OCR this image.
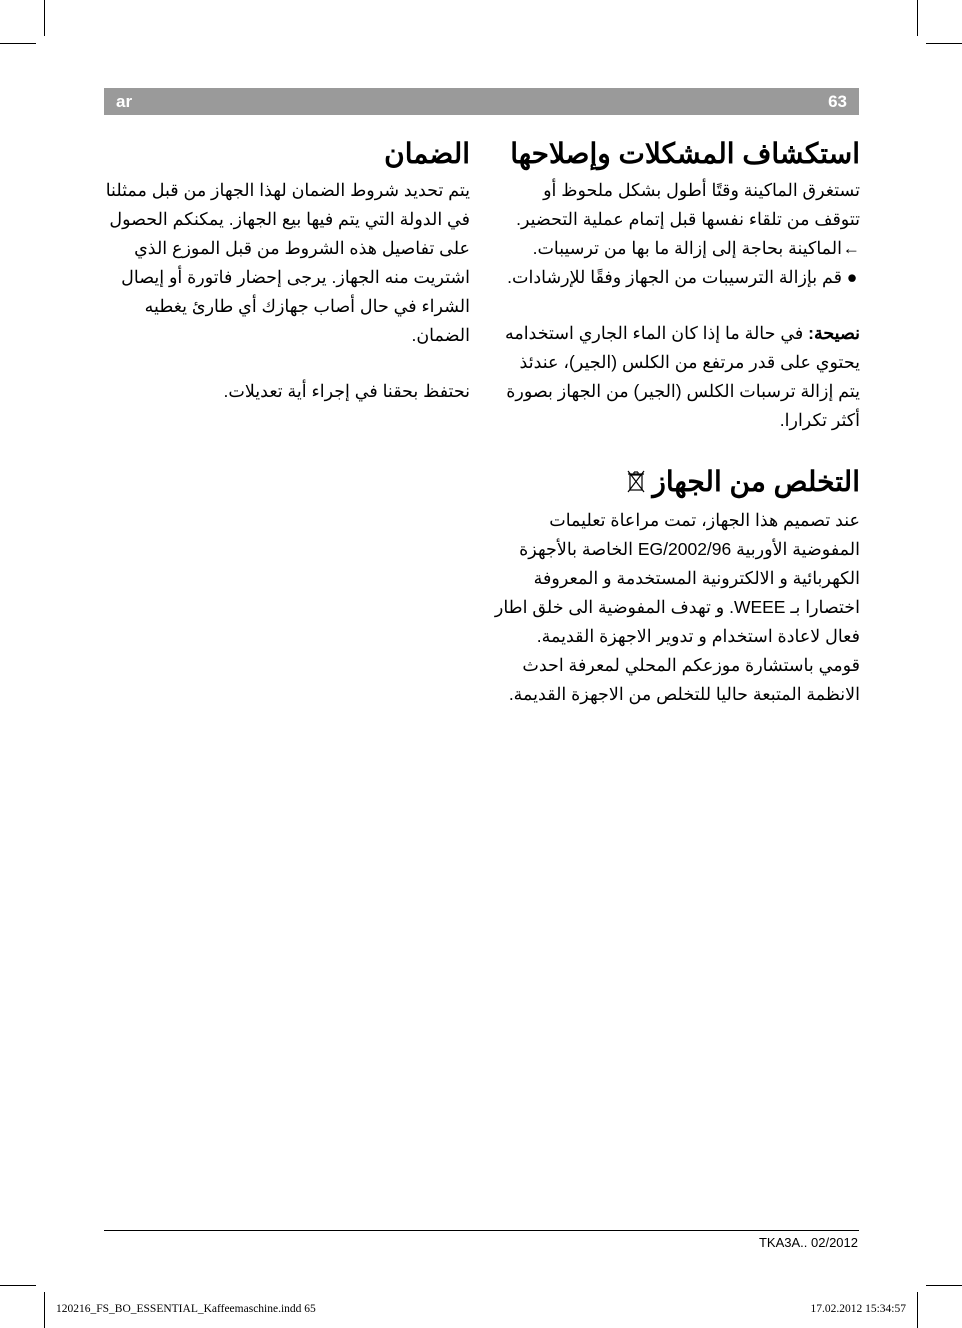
ar	63
استكشاف المشكلات وإصلاحها

تستغرق الماكينة وقتًا أطول بشكل ملحوظ أو تتوقف من تلقاء نفسها قبل إتمام عملية التحضير.

←
الماكينة بحاجة إلى إزالة ما بها من ترسيبات.

●
قم بإزالة الترسيبات من الجهاز وفقًا للإرشادات.

نصيحة: في حالة ما إذا كان الماء الجاري استخدامه يحتوي على قدر مرتفع من الكلس (الجير)، عندئذ يتم إزالة ترسبات الكلس (الجير) من الجهاز بصورة أكثر تكرارا.

التخلص من الجهاز

عند تصميم هذا الجهاز، تمت مراعاة تعليمات المفوضية الأوربية 2002/96/EG الخاصة بالأجهزة الكهربائية و الالكترونية المستخدمة و المعروفة اختصارا بـ WEEE. و تهدف المفوضية الى خلق اطار فعال لاعادة استخدام و تدوير الاجهزة القديمة.

قومي باستشارة موزعكم المحلي لمعرفة احدث الانظمة المتبعة حاليا للتخلص من الاجهزة القديمة.

الضمان

يتم تحديد شروط الضمان لهذا الجهاز من قبل ممثلنا في الدولة التي يتم فيها بيع الجهاز. يمكنكم الحصول على تفاصيل هذه الشروط من قبل الموزع الذي اشتريت منه الجهاز. يرجى إحضار فاتورة أو إيصال الشراء في حال أصاب جهازك أي طارئ يغطيه الضمان.

نحتفظ بحقنا في إجراء أية تعديلات.

TKA3A.. 02/2012
120216_FS_BO_ESSENTIAL_Kaffeemaschine.indd 65	17.02.2012 15:34:57
